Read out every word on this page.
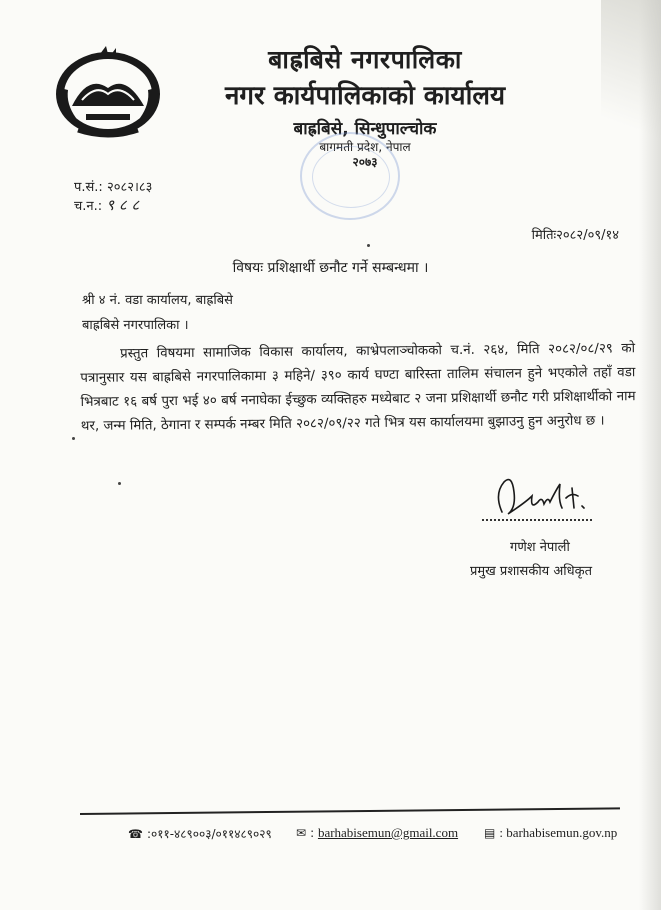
बाह्रबिसे नगरपालिका
नगर कार्यपालिकाको कार्यालय
बाह्रबिसे, सिन्धुपाल्चोक
बागमती प्रदेश, नेपाल
२०७३
प.सं.: २०८२।८३
च.न.: ९ ८ ८
मितिः२०८२/०९/१४
विषयः प्रशिक्षार्थी छनौट गर्ने सम्बन्धमा ।
श्री ४ नं. वडा कार्यालय, बाह्रबिसे
बाह्रबिसे नगरपालिका ।
प्रस्तुत विषयमा सामाजिक विकास कार्यालय, काभ्रेपलाञ्चोकको च.नं. २६४, मिति २०८२/०८/२९ को पत्रानुसार यस बाह्रबिसे नगरपालिकामा ३ महिने/ ३९० कार्य घण्टा बारिस्ता तालिम संचालन हुने भएकोले तहाँ वडा भित्रबाट १६ बर्ष पुरा भई ४० बर्ष ननाघेका ईच्छुक व्यक्तिहरु मध्येबाट २ जना प्रशिक्षार्थी छनौट गरी प्रशिक्षार्थीको नाम थर, जन्म मिति, ठेगाना र सम्पर्क नम्बर मिति २०८२/०९/२२ गते भित्र यस कार्यालयमा बुझाउनु हुन अनुरोध छ ।
गणेश नेपाली
प्रमुख प्रशासकीय अधिकृत
☎ :०११-४८९००३/०११४८९०२९ ✉ : barhabisemun@gmail.com ▤ : barhabisemun.gov.np
